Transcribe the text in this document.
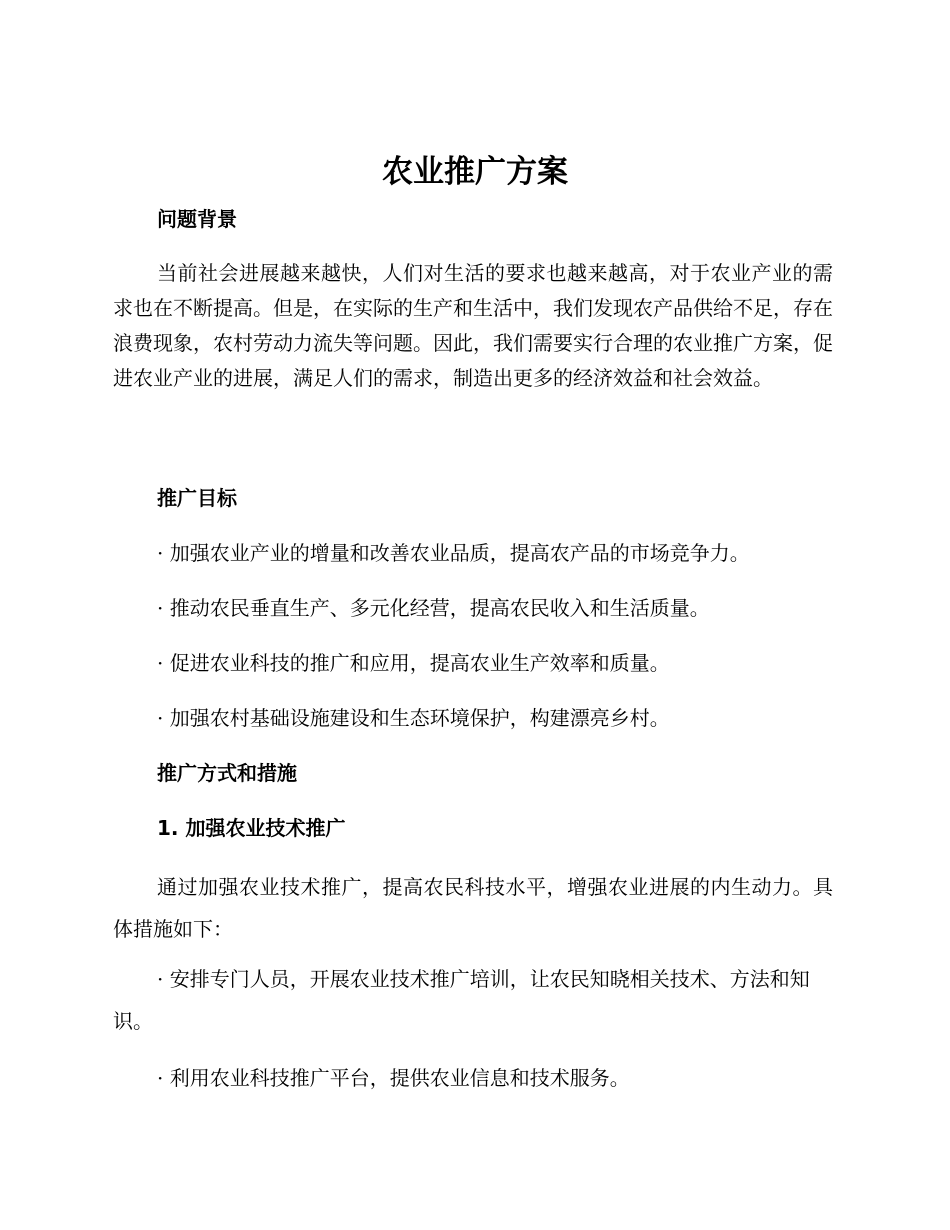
农业推广方案
问题背景

当前社会进展越来越快，人们对生活的要求也越来越高，对于农业产业的需求也在不断提高。但是，在实际的生产和生活中，我们发现农产品供给不足，存在浪费现象，农村劳动力流失等问题。因此，我们需要实行合理的农业推广方案，促进农业产业的进展，满足人们的需求，制造出更多的经济效益和社会效益。

推广目标

· 加强农业产业的增量和改善农业品质，提高农产品的市场竞争力。

· 推动农民垂直生产、多元化经营，提高农民收入和生活质量。

· 促进农业科技的推广和应用，提高农业生产效率和质量。

· 加强农村基础设施建设和生态环境保护，构建漂亮乡村。

推广方式和措施
1. 加强农业技术推广

通过加强农业技术推广，提高农民科技水平，增强农业进展的内生动力。具体措施如下：

· 安排专门人员，开展农业技术推广培训，让农民知晓相关技术、方法和知识。

· 利用农业科技推广平台，提供农业信息和技术服务。
